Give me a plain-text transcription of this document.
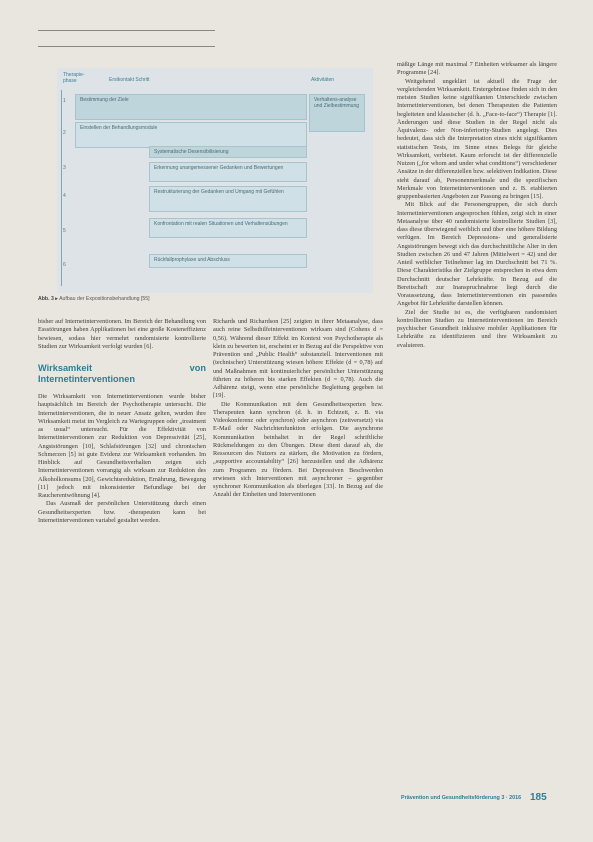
Therapie-phase	Erstkontakt Schritt	Aktivitäten
1
2
3
4
5
6
Bestimmung der Ziele
Einstellen der Behandlungsmodule
Systematische Desensibilisierung
Erkennung unangemessener Gedanken und Bewertungen
Restrukturierung der Gedanken und Umgang mit Gefühlen
Konfrontation mit realen Situationen und Verhaltensübungen
Rückfallprophylaxe und Abschluss
Verhaltens-analyse und Zielbestimmung
Abb. 3 ▸ Aufbau der Expositionsbehandlung [55]

bisher auf Internetinterventionen. Im Bereich der Behandlung von Essstörungen haben Applikationen bei eine große Kosteneffizienz bewiesen, sodass hier vermehrt randomisierte kontrollierte Studien zur Wirksamkeit verfolgt wurden [6].

Wirksamkeit von Internetinterventionen

Die Wirksamkeit von Internetinterventionen wurde bisher hauptsächlich im Bereich der Psychotherapie untersucht. Die Internetinterventionen, die in neuer Ansatz gelten, wurden ihre Wirksamkeit meist im Vergleich zu Wartegruppen oder „treatment as usual“ untersucht. Für die Effektivität von Internetinterventionen zur Reduktion von Depressivität [25], Angststörungen [10], Schlafstörungen [32] und chronischen Schmerzen [5] ist gute Evidenz zur Wirksamkeit vorhanden. Im Hinblick auf Gesundheitsverhalten zeigen sich Internetinterventionen vorrangig als wirksam zur Reduktion des Alkoholkonsums [20], Gewichtsreduktion, Ernährung, Bewegung [11] jedoch mit inkonsistenter Befundlage bei der Raucherentwöhnung [4].

Das Ausmaß der persönlichen Unterstützung durch einen Gesundheitsexperten bzw. -therapeuten kann bei Internetinterventionen variabel gestaltet werden.

Richards und Richardson [25] zeigten in ihrer Metaanalyse, dass auch reine Selbsthilfeinterventionen wirksam sind (Cohens d = 0,56). Während dieser Effekt im Kontext von Psychotherapie als klein zu bewerten ist, erscheint er in Bezug auf die Perspektive von Prävention und „Public Health“ substanziell. Interventionen mit (technischer) Unterstützung wiesen höhere Effekte (d = 0,78) auf und Maßnahmen mit kontinuierlicher persönlicher Unterstützung führten zu höheren bis starken Effekten (d = 0,78). Auch die Adhärenz steigt, wenn eine persönliche Begleitung gegeben ist [19].

Die Kommunikation mit dem Gesundheitsexperten bzw. Therapeuten kann synchron (d. h. in Echtzeit, z. B. via Videokonferenz oder synchron) oder asynchron (zeitversetzt) via E-Mail oder Nachrichtenfunktion erfolgen. Die asynchrone Kommunikation beinhaltet in der Regel schriftliche Rückmeldungen zu den Übungen. Diese dient darauf ab, die Ressourcen des Nutzers zu stärken, die Motivation zu fördern, „supportive accountability“ [26] herzustellen und die Adhärenz zum Programm zu fördern. Bei Depressiven Beschwerden erwiesen sich Interventionen mit asynchroner – gegenüber synchroner Kommunikation als überlegen [33]. In Bezug auf die Anzahl der Einheiten und Interventionen

mäßige Länge mit maximal 7 Einheiten wirksamer als längere Programme [24].

Weitgehend ungeklärt ist aktuell die Frage der vergleichenden Wirksamkeit. Erstergebnisse finden sich in den meisten Studien keine signifikanten Unterschiede zwischen Internetinterventionen, bei denen Therapeuten die Patienten begleiteten und klassischer (d. h. „Face-to-face“) Therapie [1]. Änderungen und diese Studien in der Regel nicht als Äquivalenz- oder Non-inferiority-Studien angelegt. Dies bedeutet, dass sich die Interpretation eines nicht signifikanten statistischen Tests, im Sinne eines Belegs für gleiche Wirksamkeit, verbietet. Kaum erforscht ist der differenzielle Nutzen („for whom and under what conditions“) verschiedener Ansätze in der differenziellen bzw. selektiven Indikation. Diese steht darauf ab, Personenmerkmale und die spezifischen Merkmale von Internetinterventionen und z. B. etablierten gruppenbasierten Angeboten zur Passung zu bringen [15].

Mit Blick auf die Personengruppen, die sich durch Internetinterventionen angesprochen fühlen, zeigt sich in einer Metaanalyse über 40 randomisierte kontrollierte Studien [3], dass diese überwiegend weiblich und über eine höhere Bildung verfügen. Im Bereich Depressions- und generalisierte Angststörungen bewegt sich das durchschnittliche Alter in den Studien zwischen 26 und 47 Jahren (Mittelwert = 42) und der Anteil weiblicher Teilnehmer lag im Durchschnitt bei 71 %. Diese Charakteristika der Zielgruppe entsprechen in etwa dem Durchschnitt deutscher Lehrkräfte. In Bezug auf die Bereitschaft zur Inanspruchnahme liegt durch die Voraussetzung, dass Internetinterventionen ein passendes Angebot für Lehrkräfte darstellen können.

Ziel der Studie ist es, die verfügbaren randomisiert kontrollierten Studien zu Internetinterventionen im Bereich psychischer Gesundheit inklusive mobiler Applikationen für Lehrkräfte zu identifizieren und ihre Wirksamkeit zu evaluieren.

Prävention und Gesundheitsförderung 3 · 2016 185
